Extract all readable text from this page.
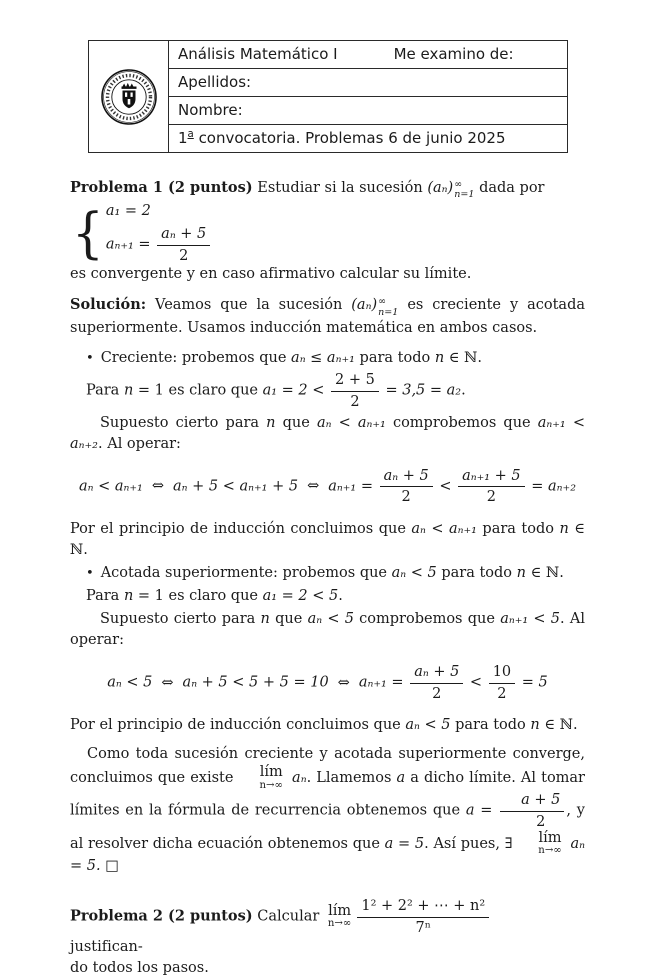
Análisis Matemático I	Me examino de:
Apellidos:
Nombre:
1$^a$ convocatoria. Problemas 6 de junio 2025

Problema 1 (2 puntos) Estudiar si la sucesión (aₙ) ∞
n=1 dada por
{ a₁ = 2
$a_{n+1} = \frac{\text{aₙ + 5}}{2}$
es convergente y en caso afirmativo calcular su límite.

Solución: Veamos que la sucesión (aₙ) ∞
n=1 es creciente y acotada superiormente. Usamos inducción matemática en ambos casos.

• Creciente: probemos que aₙ ≤ aₙ₊₁ para todo n ∈ ℕ.
Para n = 1 es claro que $a_1 = 2 < \frac{2 + 5}{2} = 3,5 = a_2$.

Supuesto cierto para n que aₙ < aₙ₊₁ comprobemos que aₙ₊₁ < aₙ₊₂. Al operar:

aₙ < aₙ₊₁ ⇔ aₙ + 5 < aₙ₊₁ + 5 ⇔ $a_{n+1} = \frac{\text{aₙ + 5}}{2} < \frac{\text{aₙ₊₁ + 5}}{2} = a_{n+2}$

Por el principio de inducción concluimos que aₙ < aₙ₊₁ para todo n ∈ ℕ.

• Acotada superiormente: probemos que aₙ < 5 para todo n ∈ ℕ.
Para n = 1 es claro que a₁ = 2 < 5.

Supuesto cierto para n que aₙ < 5 comprobemos que aₙ₊₁ < 5. Al operar:

aₙ < 5 ⇔ aₙ + 5 < 5 + 5 = 10 ⇔ $a_{n+1} = \frac{\text{aₙ + 5}}{2} < \frac{10}{2} = 5$

Por el principio de inducción concluimos que aₙ < 5 para todo n ∈ ℕ.

Como toda sucesión creciente y acotada superiormente converge, concluimos que existe	lím
n→∞ aₙ. Llamemos a a dicho límite. Al tomar límites en la fórmula de recurrencia obtenemos que $a = \frac{a + 5}{2}$ , y al resolver dicha ecuación obtenemos que a = 5. Así pues, ∃	lím
n→∞ aₙ = 5. □

Problema 2 (2 puntos) Calcular lím
$n\to\infty \frac{\text{1² + 2² + ⋯ + n²}}{\text{7ⁿ}}$
justifican-
do todos los pasos.
